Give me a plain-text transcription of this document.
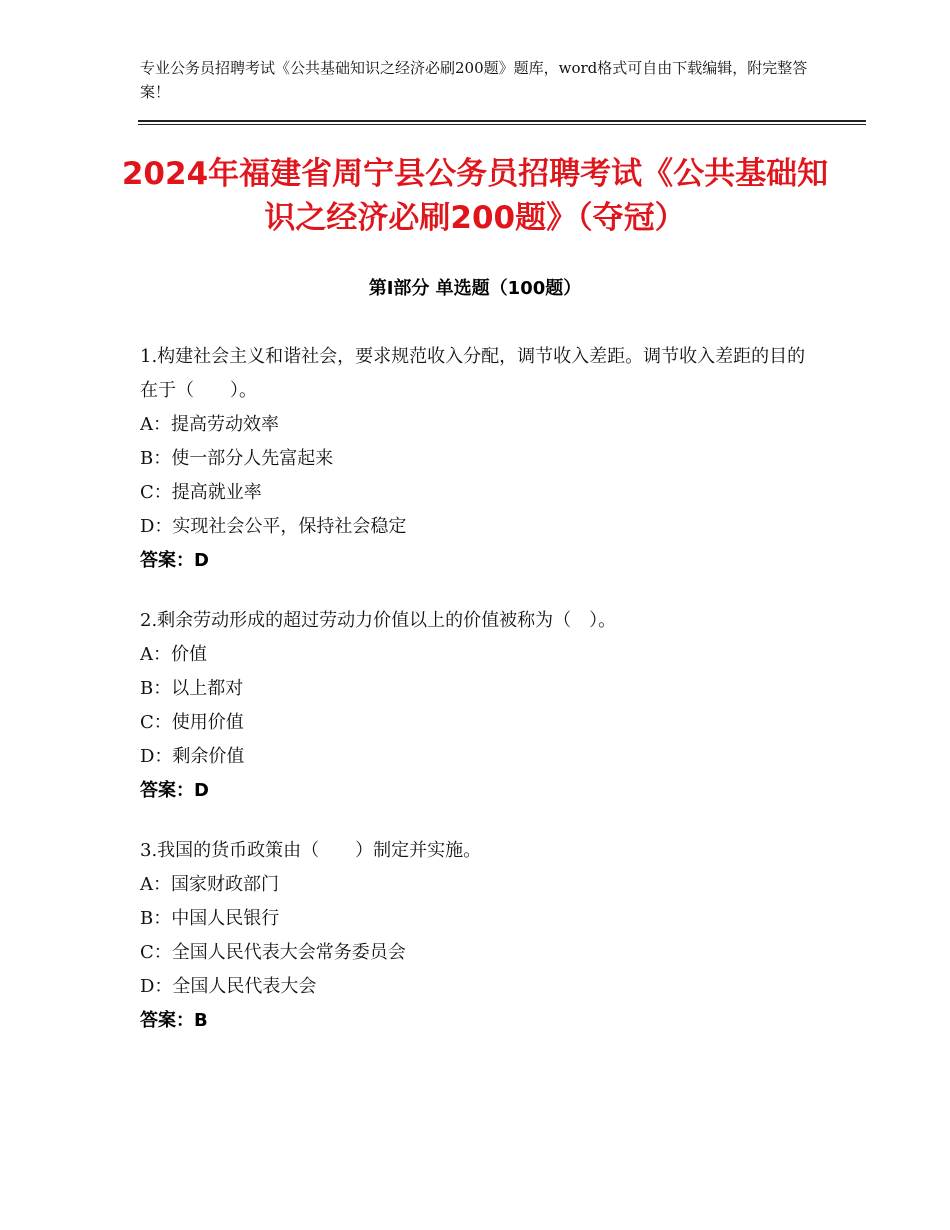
专业公务员招聘考试《公共基础知识之经济必刷200题》题库，word格式可自由下载编辑，附完整答案！
2024年福建省周宁县公务员招聘考试《公共基础知识之经济必刷200题》（夺冠）
第Ⅰ部分 单选题（100题）
1.构建社会主义和谐社会，要求规范收入分配，调节收入差距。调节收入差距的目的在于（　　）。
A：提高劳动效率
B：使一部分人先富起来
C：提高就业率
D：实现社会公平，保持社会稳定
答案：D
2.剩余劳动形成的超过劳动力价值以上的价值被称为（　）。
A：价值
B：以上都对
C：使用价值
D：剩余价值
答案：D
3.我国的货币政策由（　　）制定并实施。
A：国家财政部门
B：中国人民银行
C：全国人民代表大会常务委员会
D：全国人民代表大会
答案：B
